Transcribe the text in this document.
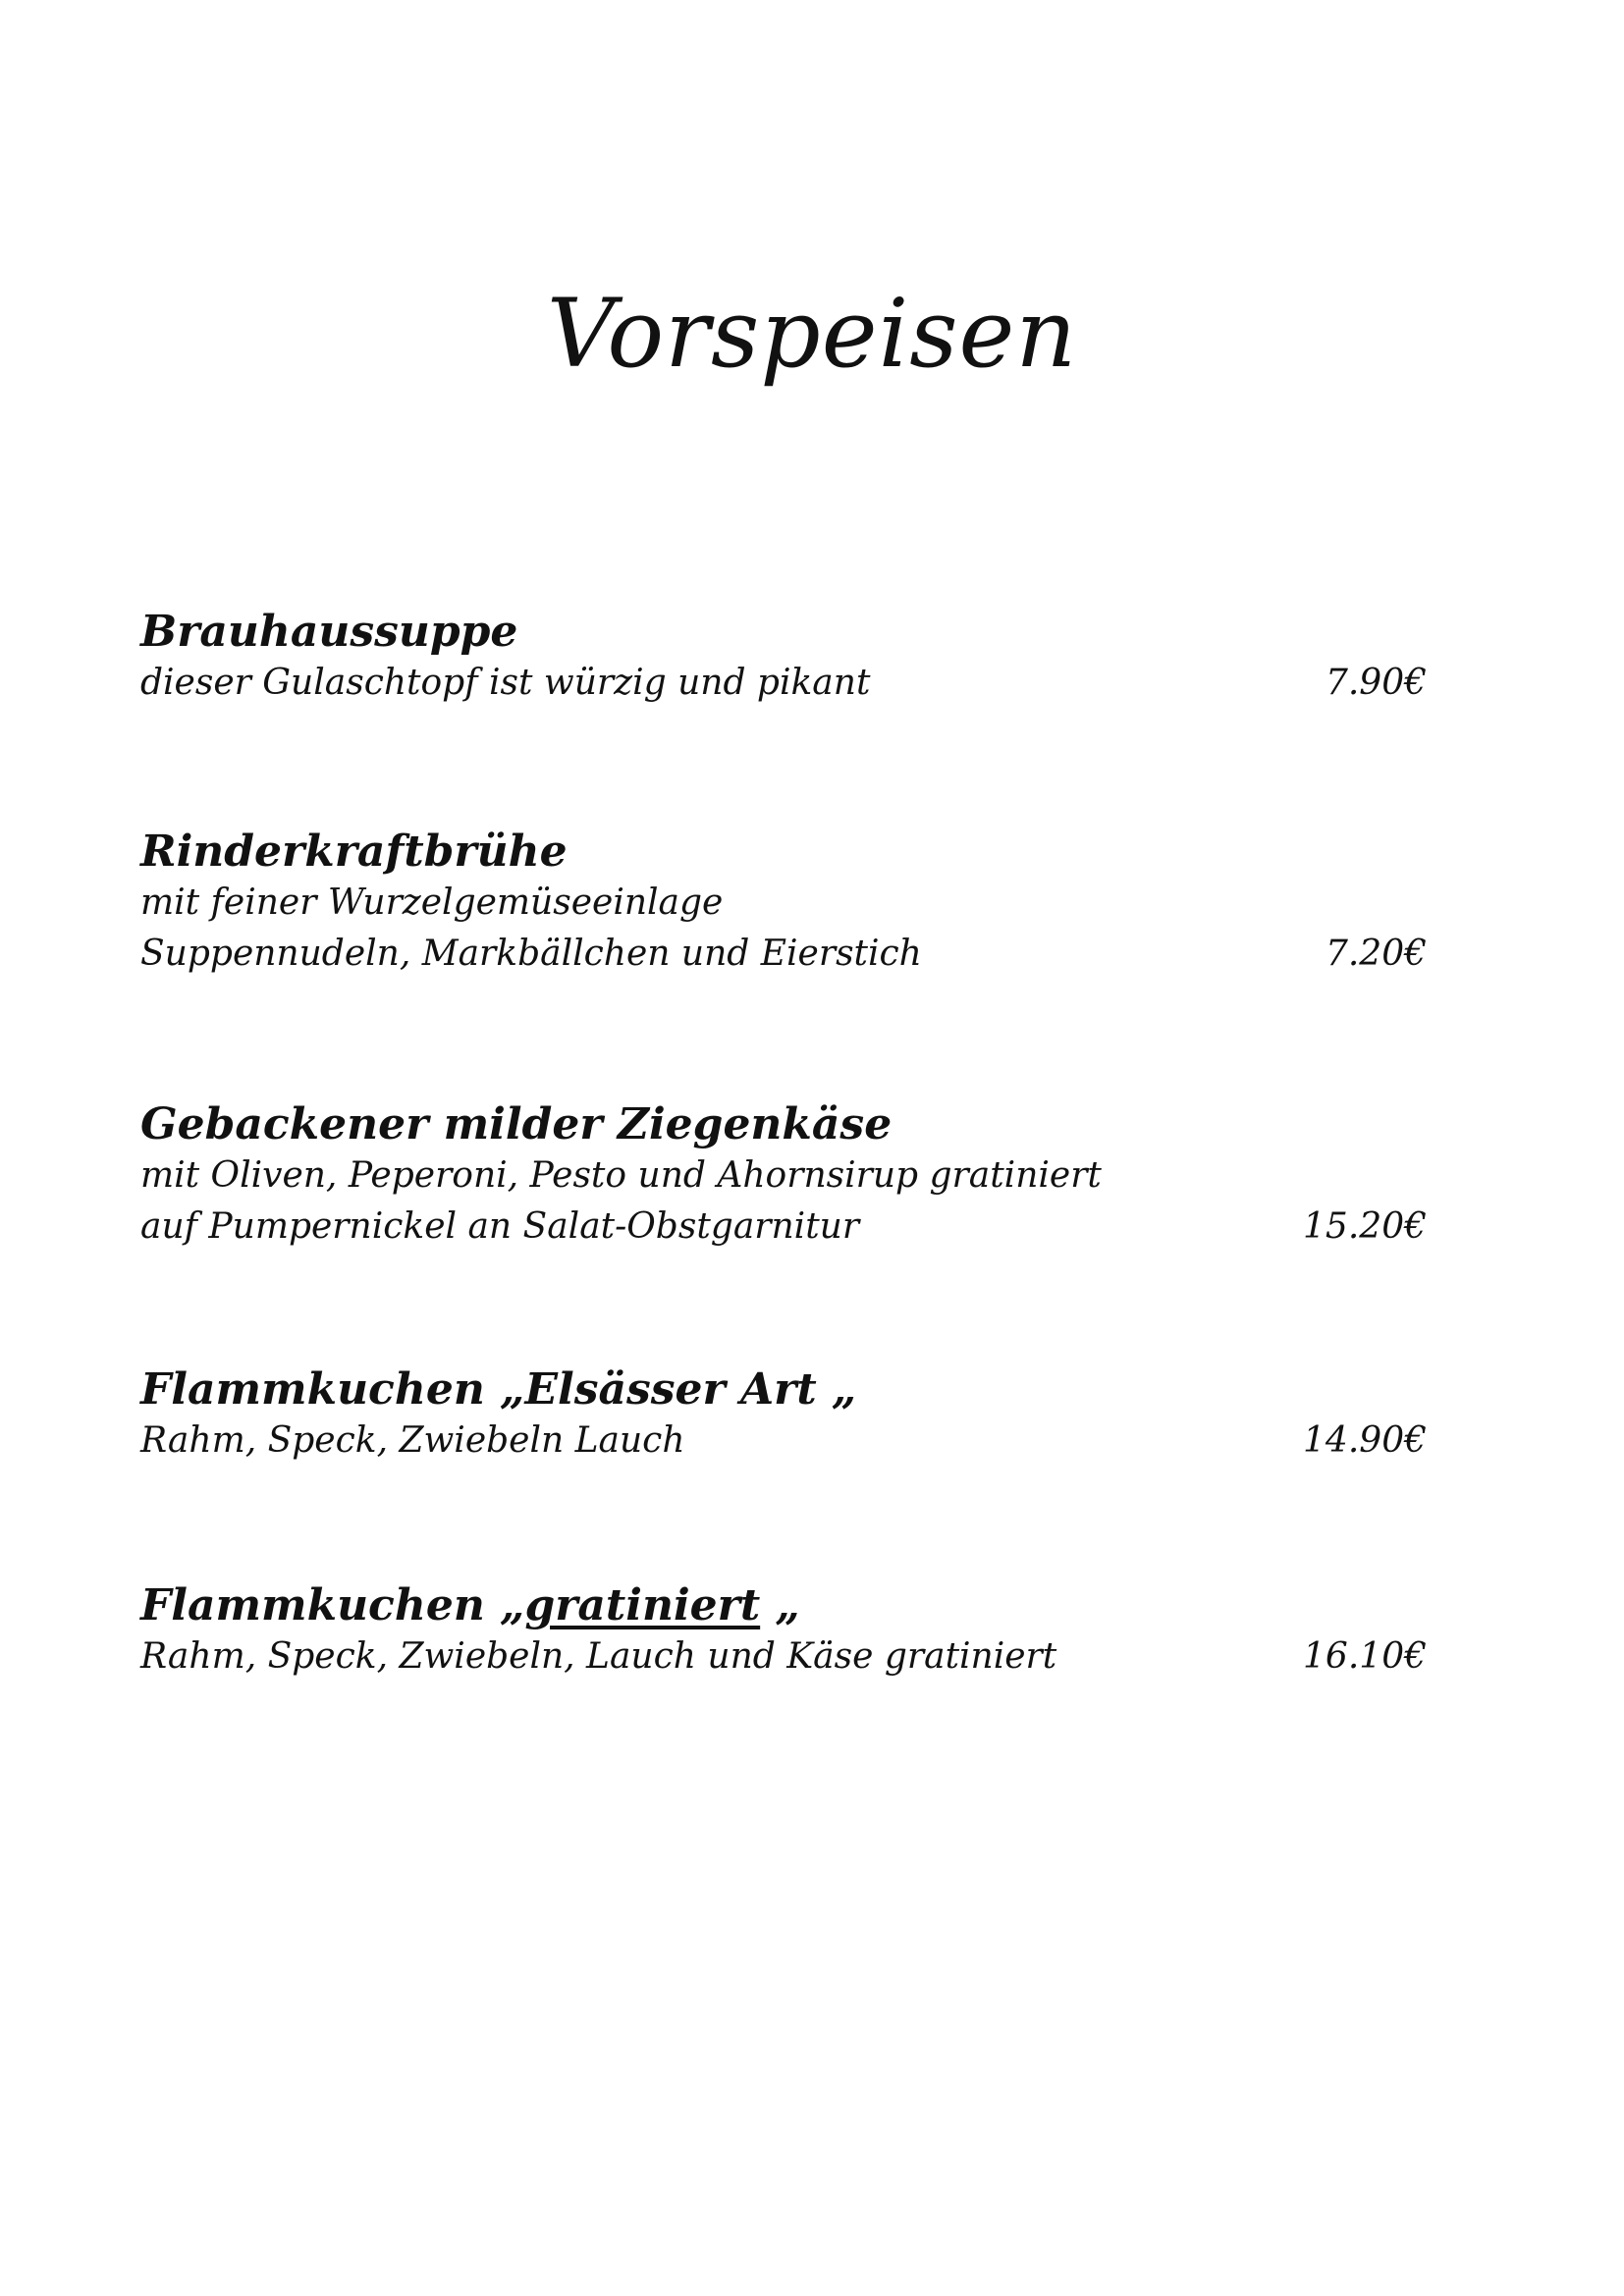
Vorspeisen
Brauhaussuppe
dieser Gulaschtopf ist würzig und pikant	7.90€
Rinderkraftbrühe
mit feiner Wurzelgemüseeinlage
Suppennudeln, Markbällchen und Eierstich	7.20€
Gebackener milder Ziegenkäse
mit Oliven, Peperoni, Pesto und Ahornsirup gratiniert
auf Pumpernickel an Salat-Obstgarnitur	15.20€
Flammkuchen „Elsässer Art „
Rahm, Speck, Zwiebeln Lauch	14.90€
Flammkuchen „gratiniert „
Rahm, Speck, Zwiebeln, Lauch und Käse gratiniert	16.10€
